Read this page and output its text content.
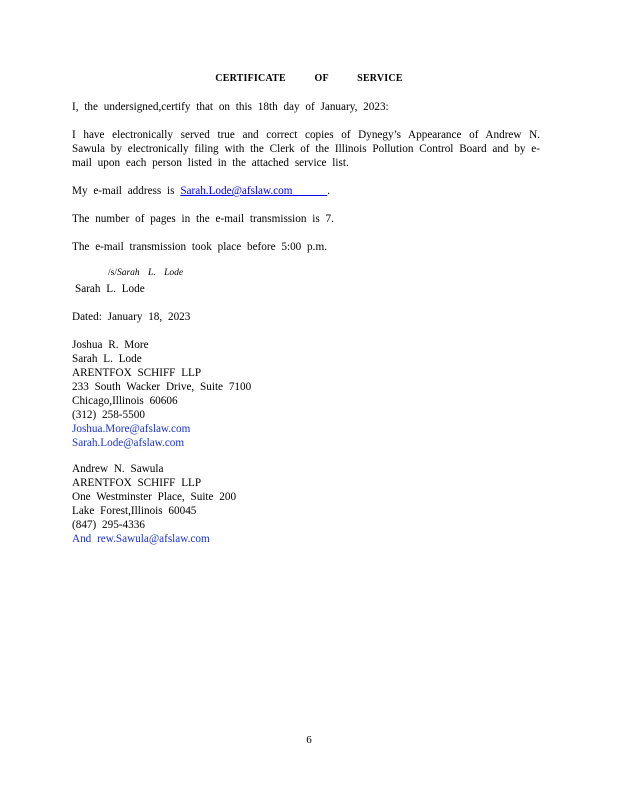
CERTIFICATE OF SERVICE
I, the undersigned,certify that on this 18th day of January, 2023:
I have electronically served true and correct copies of Dynegy’s Appearance of Andrew N. Sawula by electronically filing with the Clerk of the Illinois Pollution Control Board and by e-mail upon each person listed in the attached service list.
My e-mail address is Sarah.Lode@afslaw.com	.
The number of pages in the e-mail transmission is 7.
The e-mail transmission took place before 5:00 p.m.
/s/Sarah L. Lode
Sarah L. Lode
Dated: January 18, 2023
Joshua R. More
Sarah L. Lode
ARENTFOX SCHIFF LLP
233 South Wacker Drive, Suite 7100
Chicago,Illinois 60606
(312) 258-5500
Joshua.More@afslaw.com
Sarah.Lode@afslaw.com
Andrew N. Sawula
ARENTFOX SCHIFF LLP
One Westminster Place, Suite 200
Lake Forest,Illinois 60045
(847) 295-4336
And rew.Sawula@afslaw.com
6
